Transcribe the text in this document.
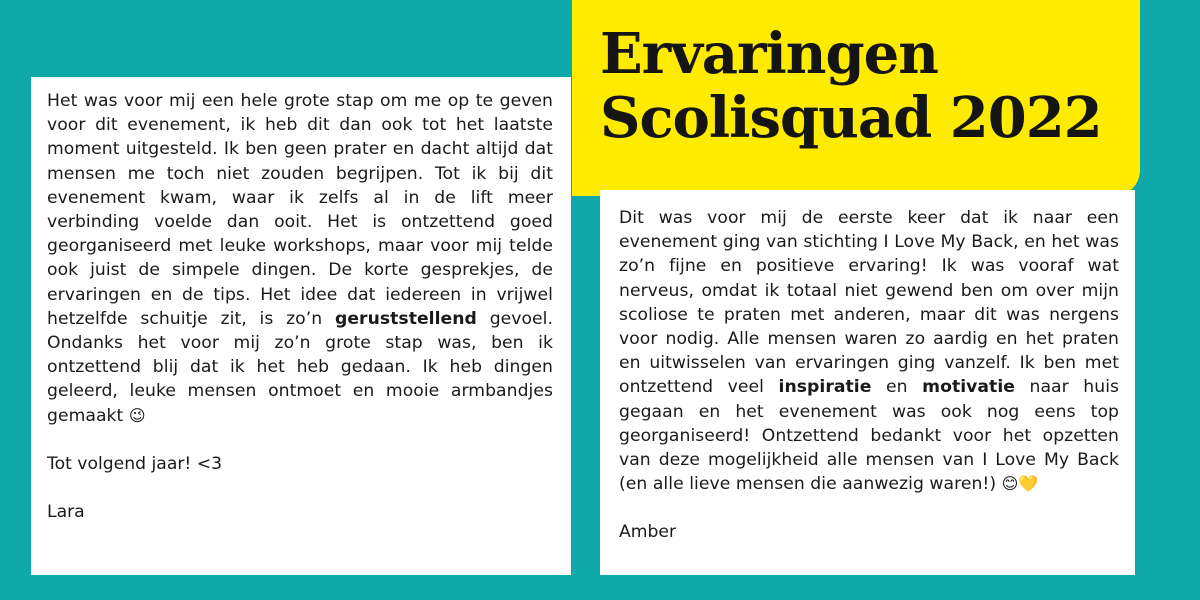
Het was voor mij een hele grote stap om me op te geven voor dit evenement, ik heb dit dan ook tot het laatste moment uitgesteld. Ik ben geen prater en dacht altijd dat mensen me toch niet zouden begrijpen. Tot ik bij dit evenement kwam, waar ik zelfs al in de lift meer verbinding voelde dan ooit. Het is ontzettend goed georganiseerd met leuke workshops, maar voor mij telde ook juist de simpele dingen. De korte gesprekjes, de ervaringen en de tips. Het idee dat iedereen in vrijwel hetzelfde schuitje zit, is zo’n geruststellend gevoel. Ondanks het voor mij zo’n grote stap was, ben ik ontzettend blij dat ik het heb gedaan. Ik heb dingen geleerd, leuke mensen ontmoet en mooie armbandjes gemaakt 😉

Tot volgend jaar! <3

Lara

Dit was voor mij de eerste keer dat ik naar een evenement ging van stichting I Love My Back, en het was zo’n fijne en positieve ervaring! Ik was vooraf wat nerveus, omdat ik totaal niet gewend ben om over mijn scoliose te praten met anderen, maar dit was nergens voor nodig. Alle mensen waren zo aardig en het praten en uitwisselen van ervaringen ging vanzelf. Ik ben met ontzettend veel inspiratie en motivatie naar huis gegaan en het evenement was ook nog eens top georganiseerd! Ontzettend bedankt voor het opzetten van deze mogelijkheid alle mensen van I Love My Back (en alle lieve mensen die aanwezig waren!) 😊💛

Amber

Ervaringen
Scolisquad 2022
